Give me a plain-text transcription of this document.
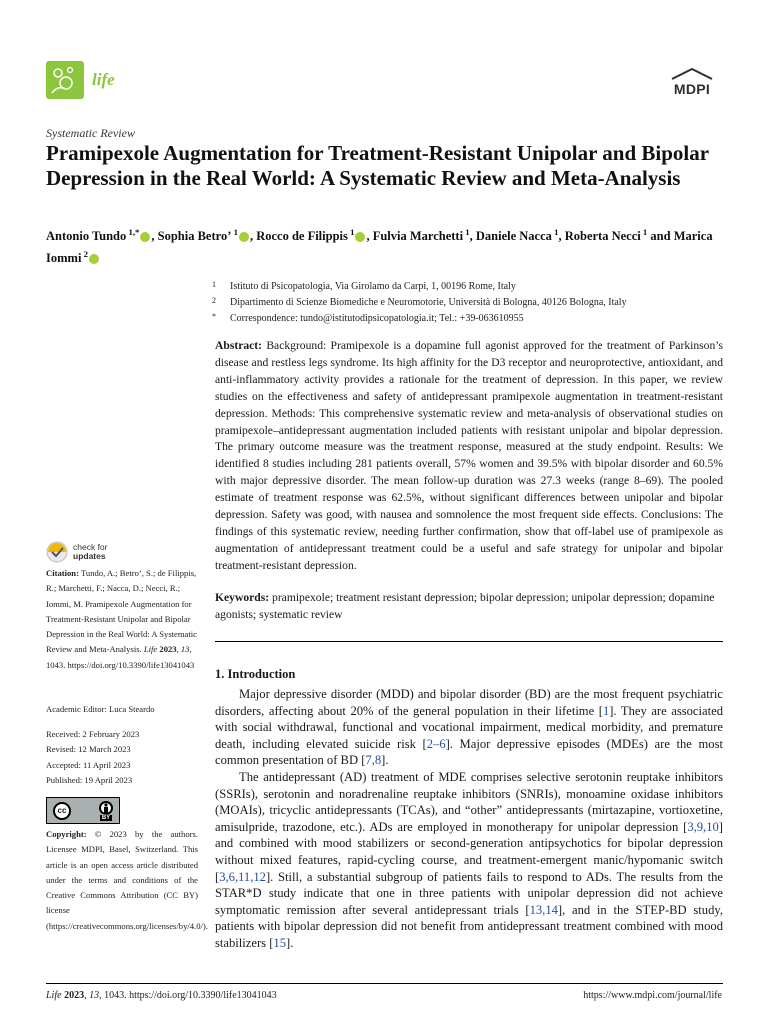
life	MDPI
Systematic Review
Pramipexole Augmentation for Treatment-Resistant Unipolar and Bipolar Depression in the Real World: A Systematic Review and Meta-Analysis
Antonio Tundo $^{1,*}$ , Sophia Betro’ $^1$ , Rocco de Filippis $^1$ , Fulvia Marchetti $^1$, Daniele Nacca $^1$, Roberta Necci $^1$ and Marica Iommi $^2$
1	Istituto di Psicopatologia, Via Girolamo da Carpi, 1, 00196 Rome, Italy
2	Dipartimento di Scienze Biomediche e Neuromotorie, Università di Bologna, 40126 Bologna, Italy
*	Correspondence: tundo@istitutodipsicopatologia.it; Tel.: +39-063610955
Abstract: Background: Pramipexole is a dopamine full agonist approved for the treatment of Parkinson’s disease and restless legs syndrome. Its high affinity for the D3 receptor and neuroprotective, antioxidant, and anti-inflammatory activity provides a rationale for the treatment of depression. In this paper, we review studies on the effectiveness and safety of antidepressant pramipexole augmentation in treatment-resistant depression. Methods: This comprehensive systematic review and meta-analysis of observational studies on pramipexole–antidepressant augmentation included patients with resistant unipolar and bipolar depression. The primary outcome measure was the treatment response, measured at the study endpoint. Results: We identified 8 studies including 281 patients overall, 57% women and 39.5% with bipolar disorder and 60.5% with major depressive disorder. The mean follow-up duration was 27.3 weeks (range 8–69). The pooled estimate of treatment response was 62.5%, without significant differences between unipolar and bipolar depression. Safety was good, with nausea and somnolence the most frequent side effects. Conclusions: The findings of this systematic review, needing further confirmation, show that off-label use of pramipexole as augmentation of antidepressant treatment could be a useful and safe strategy for unipolar and bipolar treatment-resistant depression.
Keywords: pramipexole; treatment resistant depression; bipolar depression; unipolar depression; dopamine agonists; systematic review
1. Introduction

Major depressive disorder (MDD) and bipolar disorder (BD) are the most frequent psychiatric disorders, affecting about 20% of the general population in their lifetime [1]. They are associated with social withdrawal, functional and vocational impairment, medical morbidity, and premature death, including elevated suicide risk [2–6]. Major depressive episodes (MDEs) are the most common presentation of BD [7,8].

The antidepressant (AD) treatment of MDE comprises selective serotonin reuptake inhibitors (SSRIs), serotonin and noradrenaline reuptake inhibitors (SNRIs), monoamine oxidase inhibitors (MOAIs), tricyclic antidepressants (TCAs), and “other” antidepressants (mirtazapine, vortioxetine, amisulpride, trazodone, etc.). ADs are employed in monotherapy for unipolar depression [3,9,10] and combined with mood stabilizers or second-generation antipsychotics for bipolar depression without mixed features, rapid-cycling course, and treatment-emergent manic/hypomanic switch [3,6,11,12]. Still, a substantial subgroup of patients fails to respond to ADs. The results from the STAR*D study indicate that one in three patients with unipolar depression did not achieve symptomatic remission after several antidepressant trials [13,14], and in the STEP-BD study, patients with bipolar depression did not benefit from antidepressant treatment combined with mood stabilizers [15].

check for
updates
Citation: Tundo, A.; Betro’, S.; de Filippis, R.; Marchetti, F.; Nacca, D.; Necci, R.; Iommi, M. Pramipexole Augmentation for Treatment-Resistant Unipolar and Bipolar Depression in the Real World: A Systematic Review and Meta-Analysis. Life 2023, 13, 1043. https://doi.org/10.3390/life13041043
Academic Editor: Luca Steardo
Received: 2 February 2023
Revised: 12 March 2023
Accepted: 11 April 2023
Published: 19 April 2023
cc
BY
Copyright: © 2023 by the authors. Licensee MDPI, Basel, Switzerland. This article is an open access article distributed under the terms and conditions of the Creative Commons Attribution (CC BY) license (https://creativecommons.org/licenses/by/4.0/).
Life 2023, 13, 1043. https://doi.org/10.3390/life13041043	https://www.mdpi.com/journal/life
